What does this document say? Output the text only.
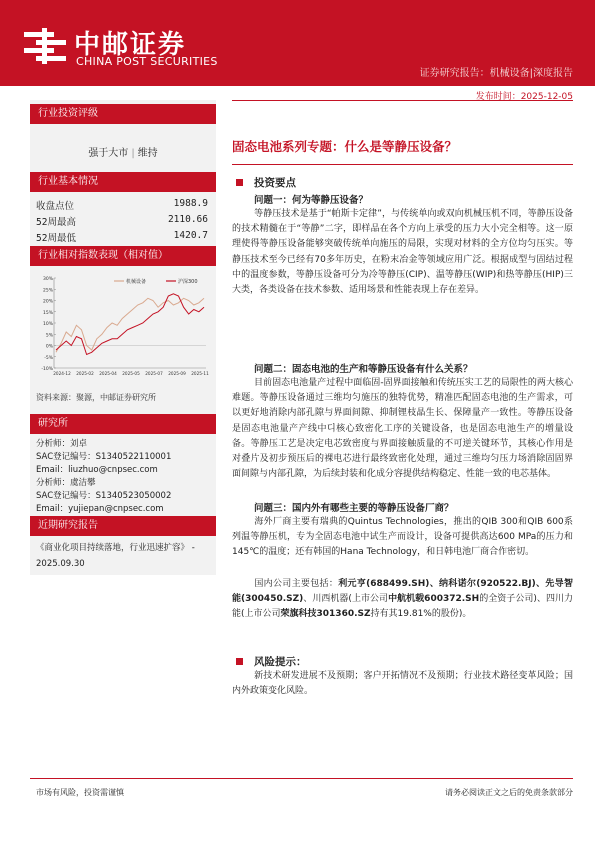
中邮证券
CHINA POST SECURITIES
证券研究报告：机械设备|深度报告
发布时间：2025-12-05
行业投资评级
强于大市 | 维持
行业基本情况
收盘点位	1988.9
52周最高	2110.66
52周最低	1420.7
行业相对指数表现（相对值）
-10%
-5%
0%
5%
10%
15%
20%
25%
30%
2024-12 2025-02 2025-04 2025-05 2025-07 2025-09 2025-11
机械设备	沪深300
资料来源：聚源，中邮证券研究所
研究所
分析师：刘卓
SAC登记编号：S1340522110001
Email：liuzhuo@cnpsec.com
分析师：虞洁攀
SAC登记编号：S1340523050002
Email：yujiepan@cnpsec.com
近期研究报告
《商业化项目持续落地，行业迅速扩容》 - 2025.09.30
固态电池系列专题：什么是等静压设备？
投资要点
问题一：何为等静压设备？
等静压技术是基于“帕斯卡定律”，与传统单向或双向机械压机不同，等静压设备的技术精髓在于“等静”二字，即样品在各个方向上承受的压力大小完全相等。这一原理使得等静压设备能够突破传统单向施压的局限，实现对材料的全方位均匀压实。等静压技术至今已经有70多年历史，在粉末冶金等领域应用广泛。根据成型与固结过程中的温度参数，等静压设备可分为冷等静压(CIP)、温等静压(WIP)和热等静压(HIP)三大类，各类设备在技术参数、适用场景和性能表现上存在差异。
问题二：固态电池的生产和等静压设备有什么关系？
目前固态电池量产过程中面临固-固界面接触和传统压实工艺的局限性的两大核心难题。等静压设备通过三维均匀施压的独特优势，精准匹配固态电池的生产需求，可以更好地消除内部孔隙与界面间隙、抑制锂枝晶生长、保障量产一致性。等静压设备是固态电池量产产线中디核心致密化工序的关键设备，也是固态电池生产的增量设备。等静压工艺是决定电芯致密度与界面接触质量的不可逆关键环节，其核心作用是对叠片及初步预压后的裸电芯进行最终致密化处理，通过三维均匀压力场消除固固界面间隙与内部孔隙，为后续封装和化成分容提供结构稳定、性能一致的电芯基体。
问题三：国内外有哪些主要的等静压设备厂商？
海外厂商主要有瑞典的Quintus Technologies，推出的QIB 300和QIB 600系列温等静压机，专为全固态电池中试生产而设计，设备可提供高达600 MPa的压力和145℃的温度；还有韩国的Hana Technology，和日韩电池厂商合作密切。
国内公司主要包括：利元亨(688499.SH)、纳科诺尔(920522.BJ)、先导智能(300450.SZ)、川西机器(上市公司中航机载600372.SH的全资子公司)、四川力能(上市公司荣旗科技301360.SZ持有其19.81%的股份)。
风险提示：
新技术研发进展不及预期；客户开拓情况不及预期；行业技术路径变革风险；国内外政策变化风险。
市场有风险，投资需谨慎	请务必阅读正文之后的免责条款部分
